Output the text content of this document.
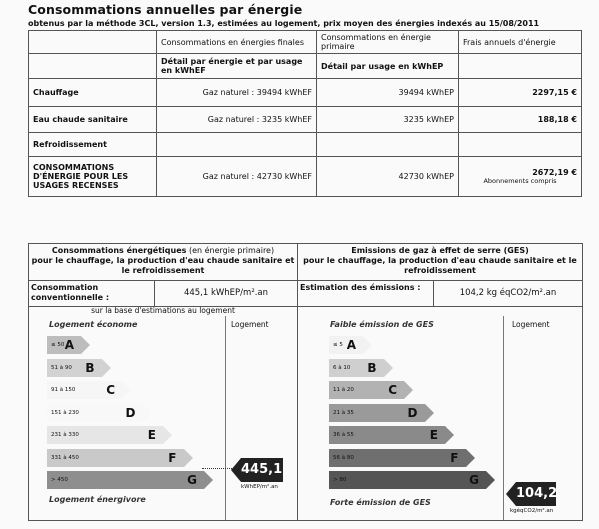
Consommations annuelles par énergie
obtenus par la méthode 3CL, version 1.3, estimées au logement, prix moyen des énergies indexés au 15/08/2011
	Consommations en énergies finales	Consommations en énergie primaire	Frais annuels d'énergie
	Détail par énergie et par usage en kWhEF	Détail par usage en kWhEP	
Chauffage	Gaz naturel : 39494 kWhEF	39494 kWhEP	2297,15 €
Eau chaude sanitaire	Gaz naturel : 3235 kWhEF	3235 kWhEP	188,18 €
Refroidissement			
CONSOMMATIONS D'ÉNERGIE POUR LES USAGES RECENSES	Gaz naturel : 42730 kWhEF	42730 kWhEP	2672,19 €
Abonnements compris
Consommations énergétiques (en énergie primaire)
pour le chauffage, la production d'eau chaude sanitaire et le refroidissement
Consommation conventionnelle :	445,1 kWhEP/m².an
sur la base d'estimations au logement
Logement économe	Logement
≤ 50 A
51 à 90 B
91 à 150	C
151 à 230	D
231 à 330	E
331 à 450	F
> 450	G
445,1
kWhEP/m².an
Logement énergivore
Emissions de gaz à effet de serre (GES)
pour le chauffage, la production d'eau chaude sanitaire et le refroidissement
Estimation des émissions :
104,2 kg éqCO2/m².an
Faible émission de GES	Logement
≤ 5 A
6 à 10 B
11 à 20	C
21 à 35	D
36 à 55	E
56 à 80	F
> 80	G
104,2
kgéqCO2/m².an
Forte émission de GES
